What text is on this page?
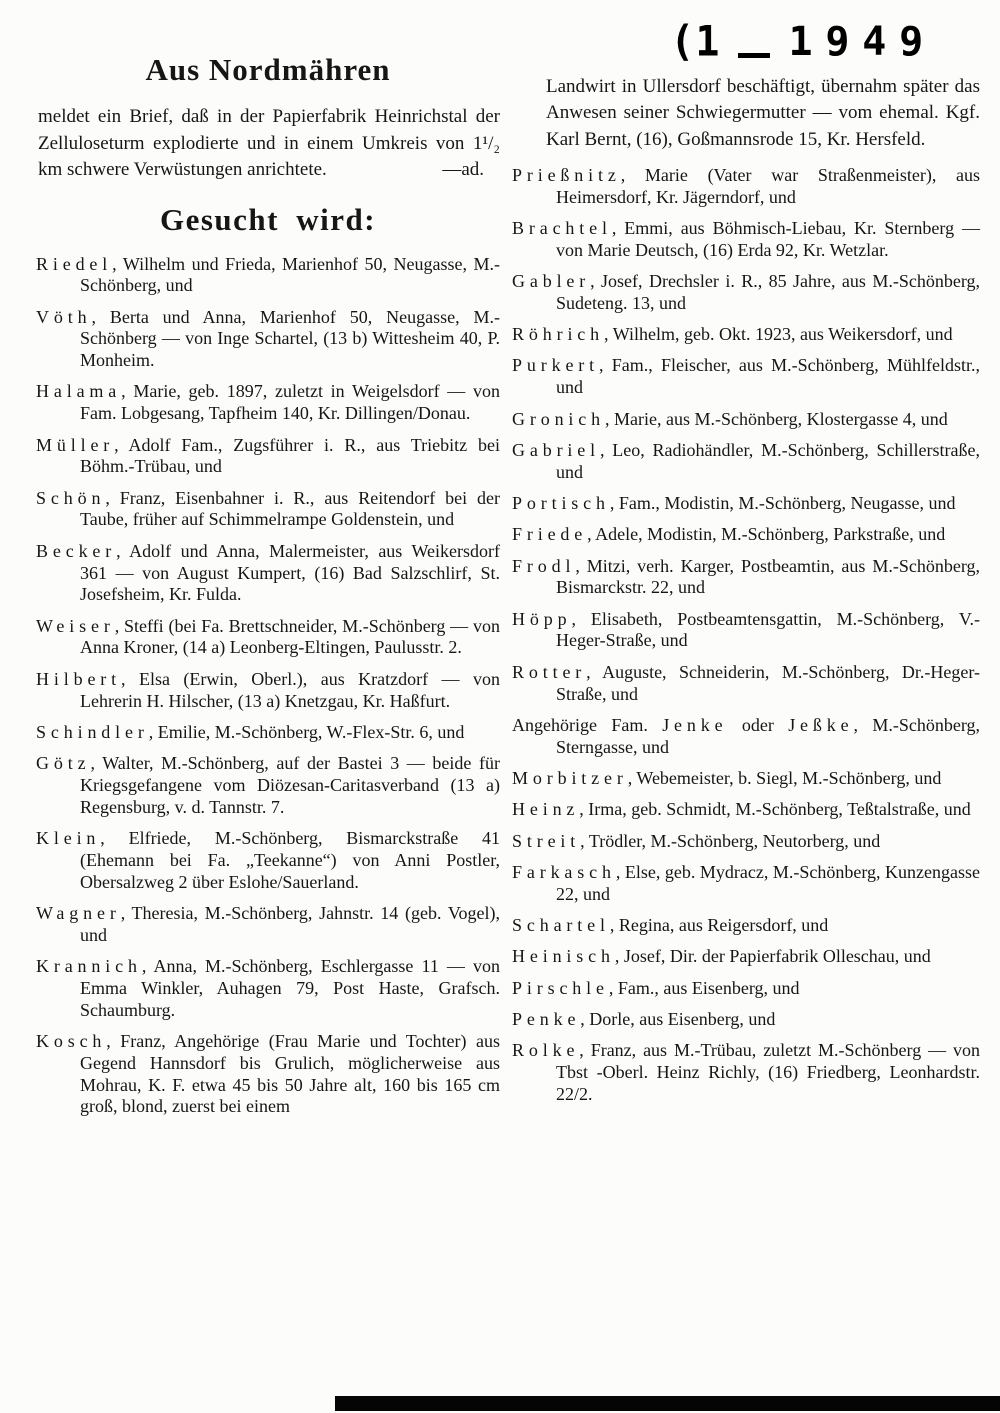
Aus Nordmähren

meldet ein Brief, daß in der Papierfabrik Heinrichstal der Zelluloseturm explodierte und in einem Umkreis von 1¹/₂ km schwere Verwüstungen anrichtete.	—ad.

Gesucht wird:

Riedel, Wilhelm und Frieda, Marienhof 50, Neugasse, M.-Schönberg, und

Vöth, Berta und Anna, Marienhof 50, Neugasse, M.-Schönberg — von Inge Schartel, (13 b) Wittesheim 40, P. Monheim.

Halama, Marie, geb. 1897, zuletzt in Weigelsdorf — von Fam. Lobgesang, Tapfheim 140, Kr. Dillingen/Donau.

Müller, Adolf Fam., Zugsführer i. R., aus Triebitz bei Böhm.-Trübau, und

Schön, Franz, Eisenbahner i. R., aus Reitendorf bei der Taube, früher auf Schimmelrampe Goldenstein, und

Becker, Adolf und Anna, Malermeister, aus Weikersdorf 361 — von August Kumpert, (16) Bad Salzschlirf, St. Josefsheim, Kr. Fulda.

Weiser, Steffi (bei Fa. Brettschneider, M.-Schönberg — von Anna Kroner, (14 a) Leonberg-Eltingen, Paulusstr. 2.

Hilbert, Elsa (Erwin, Oberl.), aus Kratzdorf — von Lehrerin H. Hilscher, (13 a) Knetzgau, Kr. Haßfurt.

Schindler, Emilie, M.-Schönberg, W.-Flex-Str. 6, und

Götz, Walter, M.-Schönberg, auf der Bastei 3 — beide für Kriegsgefangene vom Diözesan-Caritasverband (13 a) Regensburg, v. d. Tannstr. 7.

Klein, Elfriede, M.-Schönberg, Bismarckstraße 41 (Ehemann bei Fa. „Teekanne“) von Anni Postler, Obersalzweg 2 über Eslohe/Sauerland.

Wagner, Theresia, M.-Schönberg, Jahnstr. 14 (geb. Vogel), und

Krannich, Anna, M.-Schönberg, Eschlergasse 11 — von Emma Winkler, Auhagen 79, Post Haste, Grafsch. Schaumburg.

Kosch, Franz, Angehörige (Frau Marie und Tochter) aus Gegend Hannsdorf bis Grulich, möglicherweise aus Mohrau, K. F. etwa 45 bis 50 Jahre alt, 160 bis 165 cm groß, blond, zuerst bei einem

(1 1949

Landwirt in Ullersdorf beschäftigt, übernahm später das Anwesen seiner Schwiegermutter — vom ehemal. Kgf. Karl Bernt, (16), Goßmannsrode 15, Kr. Hersfeld.

Prießnitz, Marie (Vater war Straßenmeister), aus Heimersdorf, Kr. Jägerndorf, und

Brachtel, Emmi, aus Böhmisch-Liebau, Kr. Sternberg — von Marie Deutsch, (16) Erda 92, Kr. Wetzlar.

Gabler, Josef, Drechsler i. R., 85 Jahre, aus M.-Schönberg, Sudeteng. 13, und

Röhrich, Wilhelm, geb. Okt. 1923, aus Weikersdorf, und

Purkert, Fam., Fleischer, aus M.-Schönberg, Mühlfeldstr., und

Gronich, Marie, aus M.-Schönberg, Klostergasse 4, und

Gabriel, Leo, Radiohändler, M.-Schönberg, Schillerstraße, und

Portisch, Fam., Modistin, M.-Schönberg, Neugasse, und

Friede, Adele, Modistin, M.-Schönberg, Parkstraße, und

Frodl, Mitzi, verh. Karger, Postbeamtin, aus M.-Schönberg, Bismarckstr. 22, und

Höpp, Elisabeth, Postbeamtensgattin, M.-Schönberg, V.-Heger-Straße, und

Rotter, Auguste, Schneiderin, M.-Schönberg, Dr.-Heger-Straße, und

Angehörige Fam. Jenke oder Jeßke, M.-Schönberg, Sterngasse, und

Morbitzer, Webemeister, b. Siegl, M.-Schönberg, und

Heinz, Irma, geb. Schmidt, M.-Schönberg, Teßtalstraße, und

Streit, Trödler, M.-Schönberg, Neutorberg, und

Farkasch, Else, geb. Mydracz, M.-Schönberg, Kunzengasse 22, und

Schartel, Regina, aus Reigersdorf, und

Heinisch, Josef, Dir. der Papierfabrik Olleschau, und

Pirschle, Fam., aus Eisenberg, und

Penke, Dorle, aus Eisenberg, und

Rolke, Franz, aus M.-Trübau, zuletzt M.-Schönberg — von Tbst -Oberl. Heinz Richly, (16) Friedberg, Leonhardstr. 22/2.
